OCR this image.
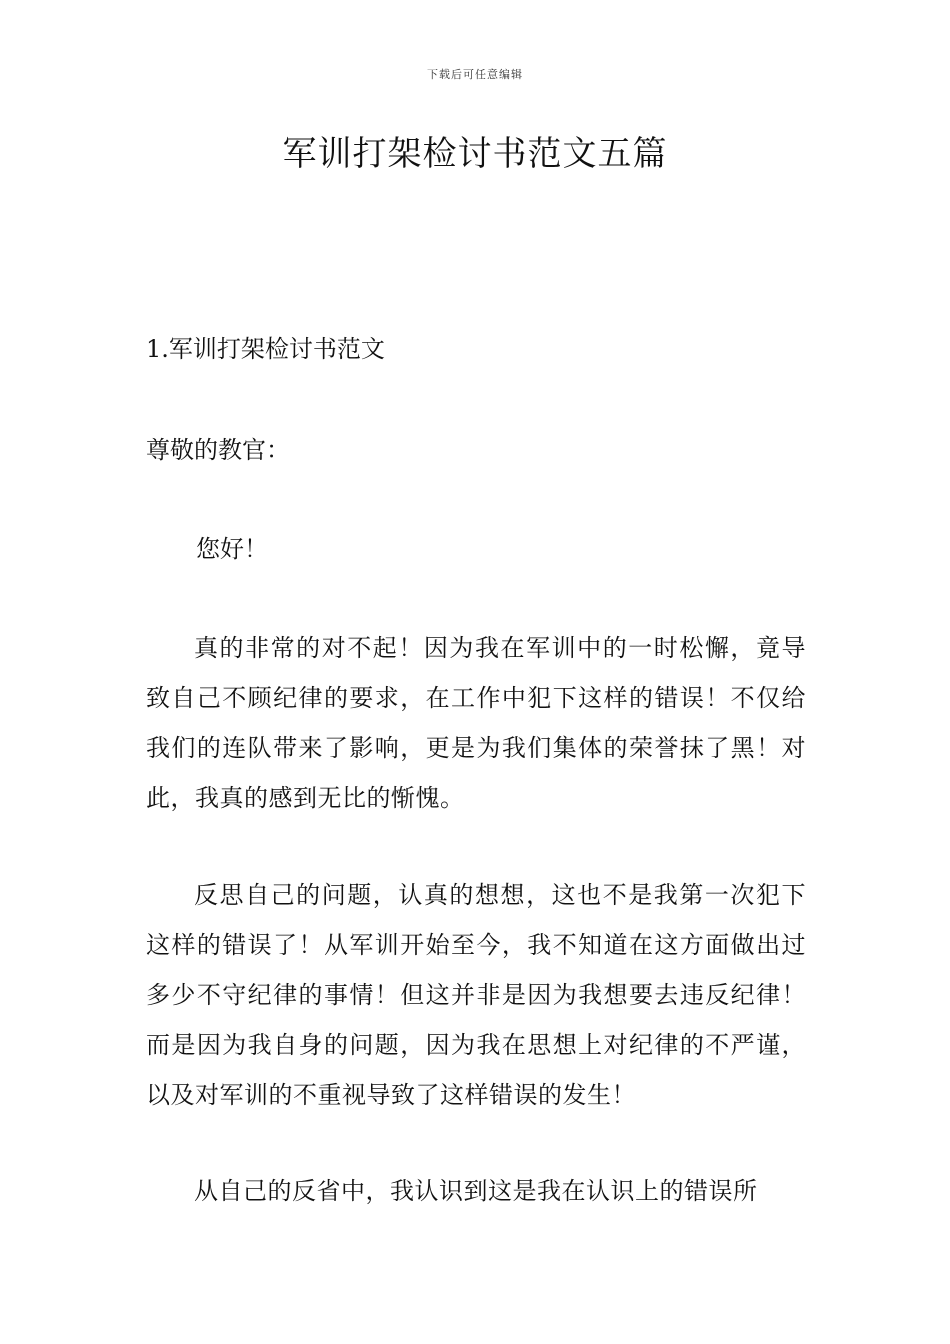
下载后可任意编辑
军训打架检讨书范文五篇
1.军训打架检讨书范文
尊敬的教官：
您好！

真的非常的对不起！因为我在军训中的一时松懈，竟导致自己不顾纪律的要求，在工作中犯下这样的错误！不仅给我们的连队带来了影响，更是为我们集体的荣誉抹了黑！对此，我真的感到无比的惭愧。

反思自己的问题，认真的想想，这也不是我第一次犯下这样的错误了！从军训开始至今，我不知道在这方面做出过多少不守纪律的事情！但这并非是因为我想要去违反纪律！而是因为我自身的问题，因为我在思想上对纪律的不严谨，以及对军训的不重视导致了这样错误的发生！

从自己的反省中，我认识到这是我在认识上的错误所
